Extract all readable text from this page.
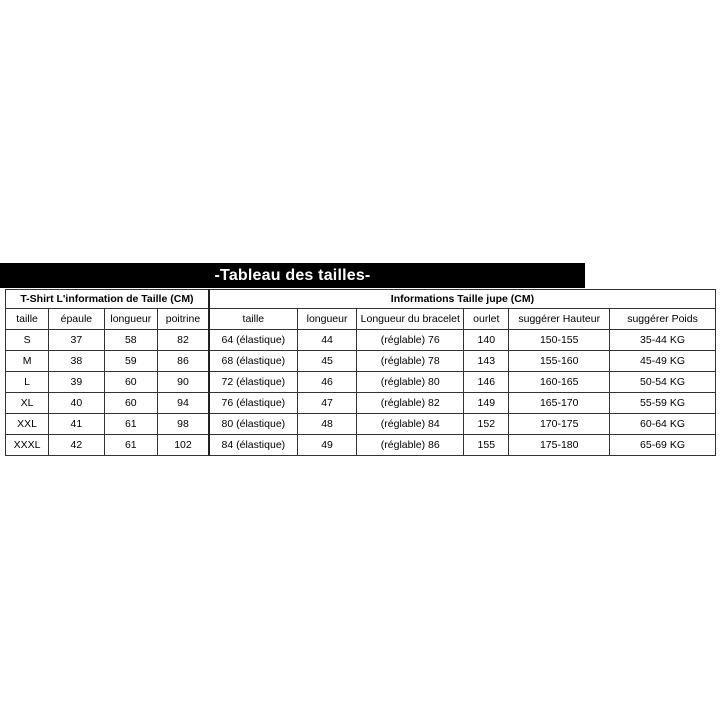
-Tableau des tailles-
T-Shirt L'information de Taille (CM)				Informations Taille jupe (CM)					
taille	épaule	longueur	poitrine	taille	longueur	Longueur du bracelet	ourlet	suggérer Hauteur	suggérer Poids
S	37	58	82	64 (élastique)	44	(réglable) 76	140	150-155	35-44 KG
M	38	59	86	68 (élastique)	45	(réglable) 78	143	155-160	45-49 KG
L	39	60	90	72 (élastique)	46	(réglable) 80	146	160-165	50-54 KG
XL	40	60	94	76 (élastique)	47	(réglable) 82	149	165-170	55-59 KG
XXL	41	61	98	80 (élastique)	48	(réglable) 84	152	170-175	60-64 KG
XXXL	42	61	102	84 (élastique)	49	(réglable) 86	155	175-180	65-69 KG
